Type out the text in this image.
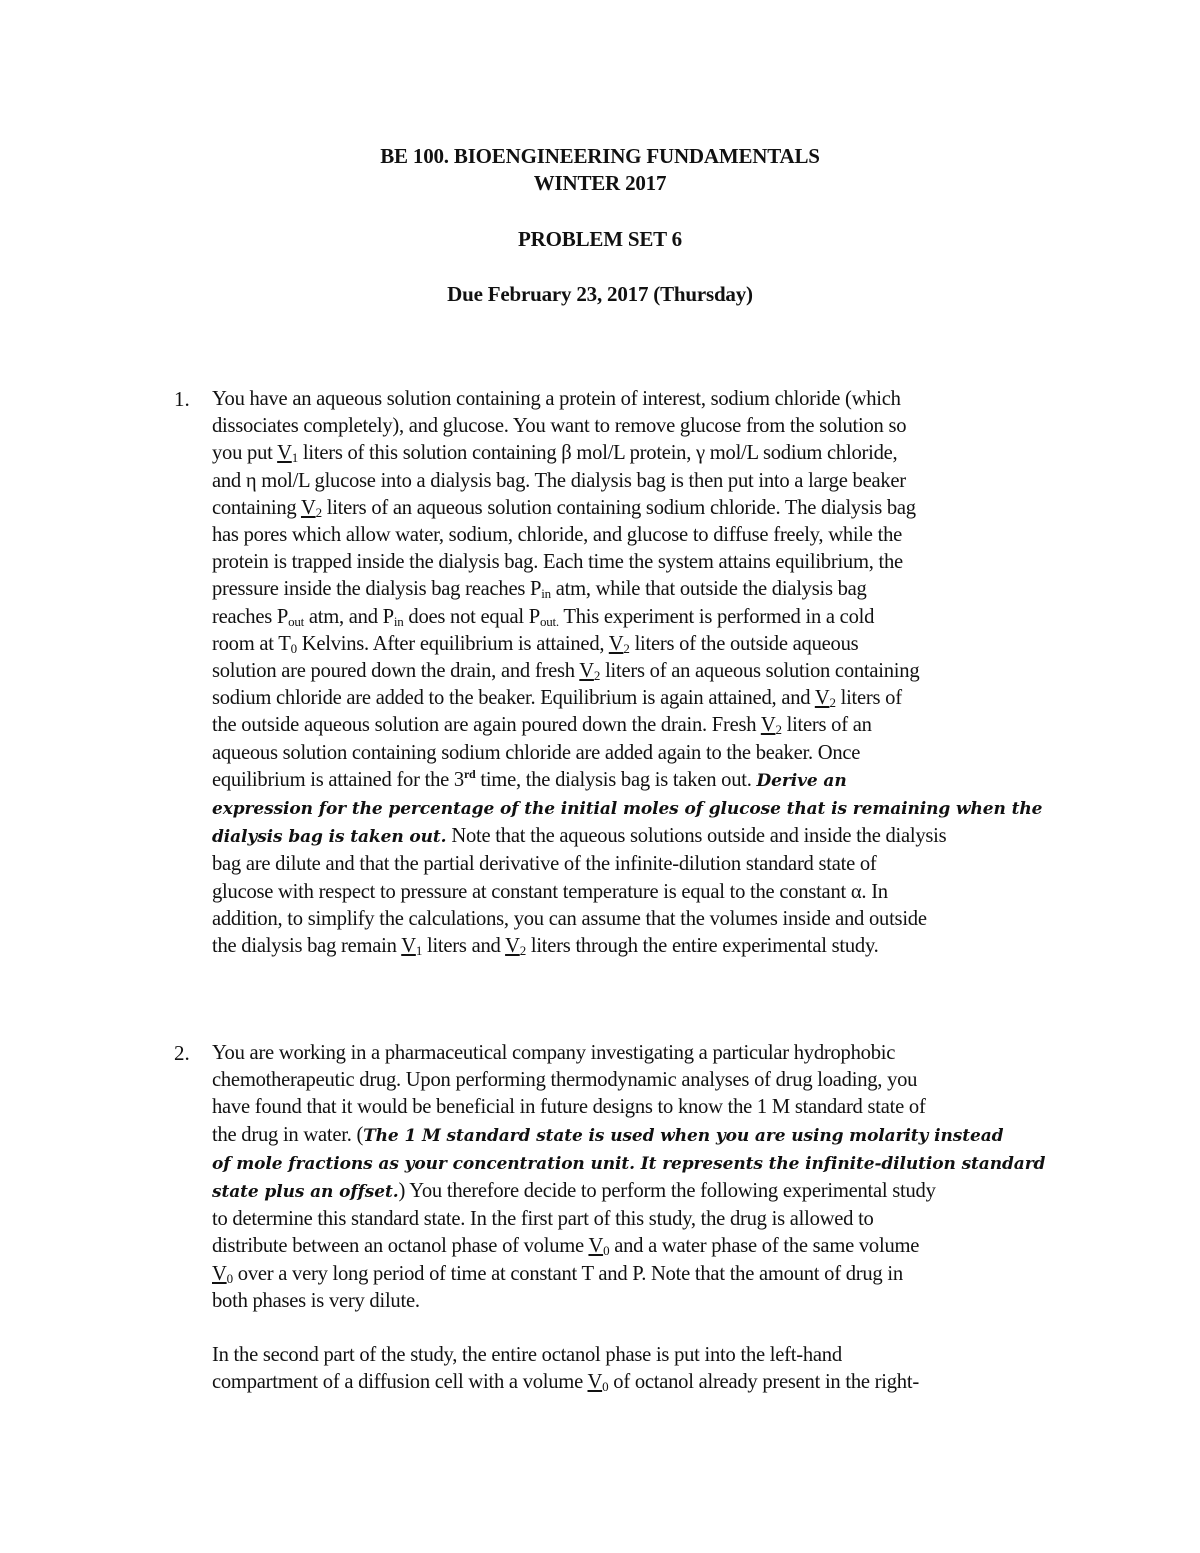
BE 100. BIOENGINEERING FUNDAMENTALS
WINTER 2017
PROBLEM SET 6
Due February 23, 2017 (Thursday)
1. You have an aqueous solution containing a protein of interest, sodium chloride (which
dissociates completely), and glucose. You want to remove glucose from the solution so
you put $V_1$ liters of this solution containing β mol/L protein, γ mol/L sodium chloride,
and η mol/L glucose into a dialysis bag. The dialysis bag is then put into a large beaker
containing $V_2$ liters of an aqueous solution containing sodium chloride. The dialysis bag
has pores which allow water, sodium, chloride, and glucose to diffuse freely, while the
protein is trapped inside the dialysis bag. Each time the system attains equilibrium, the
pressure inside the dialysis bag reaches $P_{in}$ atm, while that outside the dialysis bag
reaches $P_{out}$ atm, and $P_{in}$ does not equal $P_{out.}$ This experiment is performed in a cold
room at $T_0$ Kelvins. After equilibrium is attained, $V_2$ liters of the outside aqueous
solution are poured down the drain, and fresh $V_2$ liters of an aqueous solution containing
sodium chloride are added to the beaker. Equilibrium is again attained, and $V_2$ liters of
the outside aqueous solution are again poured down the drain. Fresh $V_2$ liters of an
aqueous solution containing sodium chloride are added again to the beaker. Once
equilibrium is attained for the 3rd time, the dialysis bag is taken out. Derive an
expression for the percentage of the initial moles of glucose that is remaining when the
dialysis bag is taken out. Note that the aqueous solutions outside and inside the dialysis
bag are dilute and that the partial derivative of the infinite-dilution standard state of
glucose with respect to pressure at constant temperature is equal to the constant α. In
addition, to simplify the calculations, you can assume that the volumes inside and outside
the dialysis bag remain $V_1$ liters and $V_2$ liters through the entire experimental study.
2. You are working in a pharmaceutical company investigating a particular hydrophobic
chemotherapeutic drug. Upon performing thermodynamic analyses of drug loading, you
have found that it would be beneficial in future designs to know the 1 M standard state of
the drug in water. (The 1 M standard state is used when you are using molarity instead
of mole fractions as your concentration unit. It represents the infinite-dilution standard
state plus an offset.) You therefore decide to perform the following experimental study
to determine this standard state. In the first part of this study, the drug is allowed to
distribute between an octanol phase of volume $V_0$ and a water phase of the same volume
$V_0$ over a very long period of time at constant T and P. Note that the amount of drug in
both phases is very dilute.

In the second part of the study, the entire octanol phase is put into the left-hand
compartment of a diffusion cell with a volume $V_0$ of octanol already present in the right-
